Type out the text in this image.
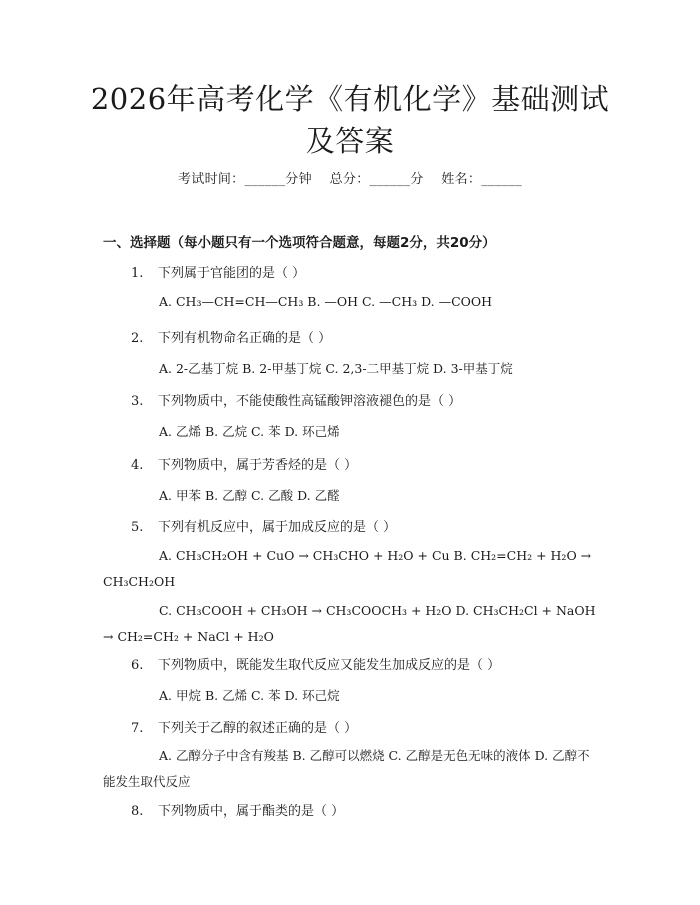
2026年高考化学《有机化学》基础测试及答案
考试时间：______分钟    总分：______分    姓名：______
一、选择题（每小题只有一个选项符合题意，每题2分，共20分）
1. 下列属于官能团的是（ ）
A. CH₃—CH=CH—CH₃ B. —OH C. —CH₃ D. —COOH
2. 下列有机物命名正确的是（ ）
A. 2-乙基丁烷 B. 2-甲基丁烷 C. 2,3-二甲基丁烷 D. 3-甲基丁烷
3. 下列物质中，不能使酸性高锰酸钾溶液褪色的是（ ）
A. 乙烯 B. 乙烷 C. 苯 D. 环己烯
4. 下列物质中，属于芳香烃的是（ ）
A. 甲苯 B. 乙醇 C. 乙酸 D. 乙醛
5. 下列有机反应中，属于加成反应的是（ ）
A. CH₃CH₂OH + CuO → CH₃CHO + H₂O + Cu B. CH₂=CH₂ + H₂O → CH₃CH₂OH
C. CH₃COOH + CH₃OH → CH₃COOCH₃ + H₂O D. CH₃CH₂Cl + NaOH → CH₂=CH₂ + NaCl + H₂O
6. 下列物质中，既能发生取代反应又能发生加成反应的是（ ）
A. 甲烷 B. 乙烯 C. 苯 D. 环己烷
7. 下列关于乙醇的叙述正确的是（ ）
A. 乙醇分子中含有羧基 B. 乙醇可以燃烧 C. 乙醇是无色无味的液体 D. 乙醇不能发生取代反应
8. 下列物质中，属于酯类的是（ ）
